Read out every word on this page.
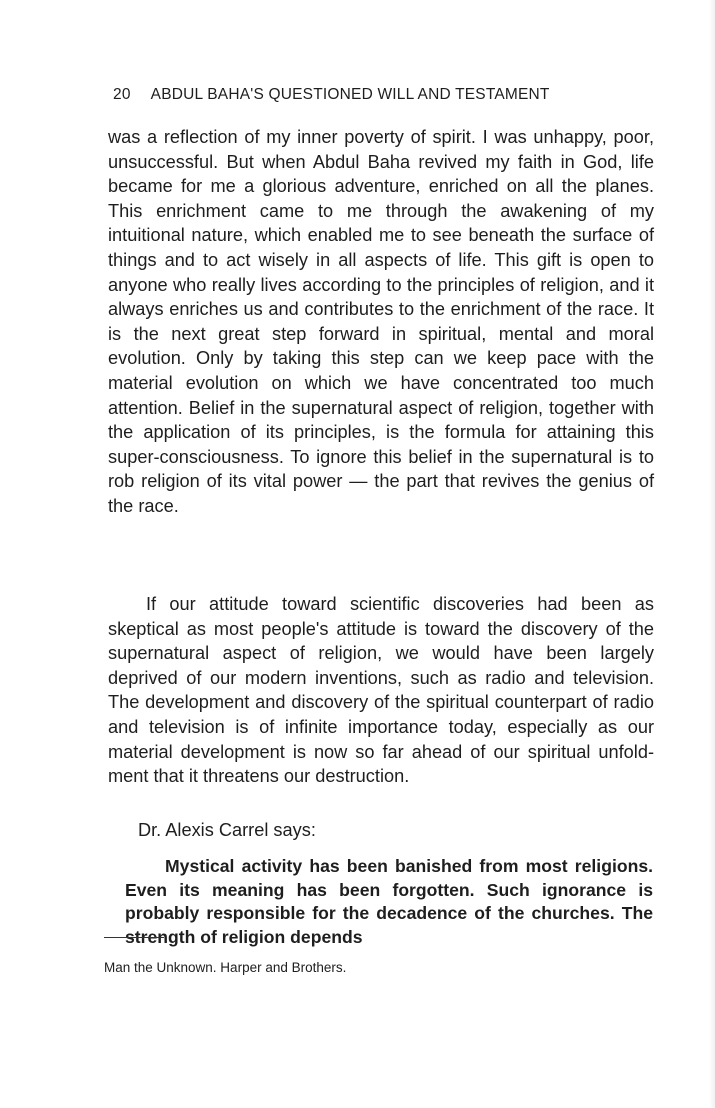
20 ABDUL BAHA'S QUESTIONED WILL AND TESTAMENT

was a reflection of my inner poverty of spirit. I was unhappy, poor, unsuccessful. But when Abdul Baha revived my faith in God, life became for me a glorious adventure, enriched on all the planes. This enrichment came to me through the awakening of my intuitional nature, which enabled me to see beneath the surface of things and to act wisely in all aspects of life. This gift is open to anyone who really lives according to the principles of religion, and it always enriches us and contributes to the enrichment of the race. It is the next great step forward in spiritual, mental and moral evolution. Only by taking this step can we keep pace with the material evolution on which we have concentrated too much attention. Belief in the supernatural aspect of religion, together with the application of its principles, is the formula for attaining this super-consciousness. To ignore this belief in the supernatural is to rob religion of its vital power — the part that revives the genius of the race.

If our attitude toward scientific discoveries had been as skeptical as most people's attitude is toward the discovery of the supernatural aspect of religion, we would have been largely deprived of our modern inventions, such as radio and television. The development and discovery of the spiritual counterpart of radio and television is of infinite importance today, especially as our material development is now so far ahead of our spiritual unfoldment that it threatens our destruction.

Dr. Alexis Carrel says:

Mystical activity has been banished from most religions. Even its meaning has been forgotten. Such ignorance is probably responsible for the decadence of the churches. The strength of religion depends

Man the Unknown. Harper and Brothers.
